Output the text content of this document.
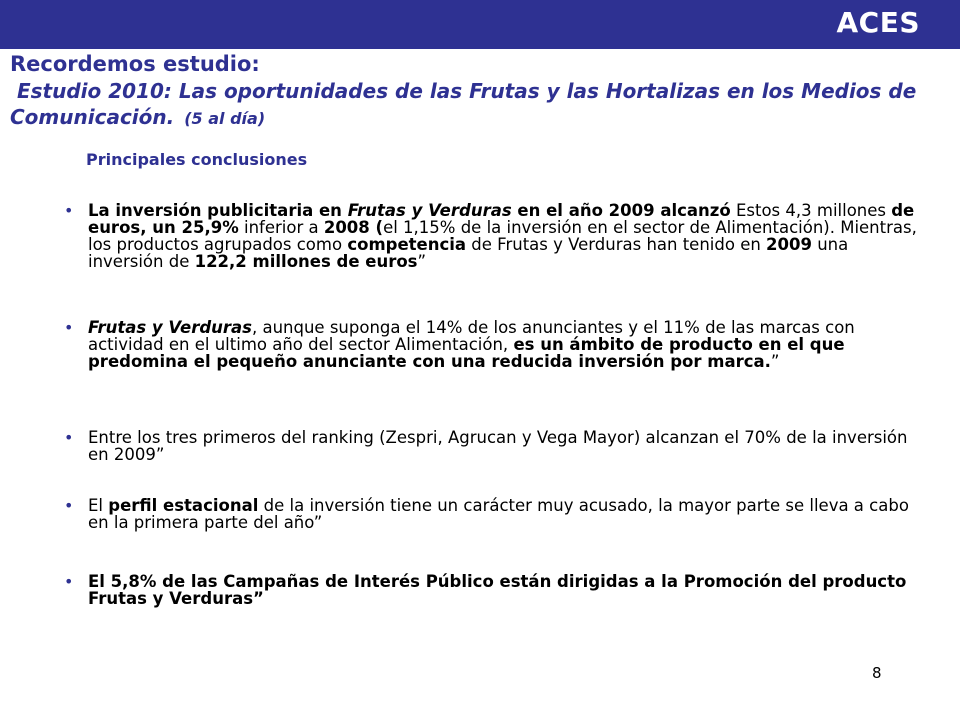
ACES
Recordemos estudio:
Estudio 2010: Las oportunidades de las Frutas y las Hortalizas en los Medios de Comunicación. (5 al día)
Principales conclusiones
• La inversión publicitaria en Frutas y Verduras en el año 2009 alcanzó Estos 4,3 millones de euros, un 25,9% inferior a 2008 (el 1,15% de la inversión en el sector de Alimentación). Mientras, los productos agrupados como competencia de Frutas y Verduras han tenido en 2009 una inversión de 122,2 millones de euros”
• Frutas y Verduras, aunque suponga el 14% de los anunciantes y el 11% de las marcas con actividad en el ultimo año del sector Alimentación, es un ámbito de producto en el que predomina el pequeño anunciante con una reducida inversión por marca.”
• Entre los tres primeros del ranking (Zespri, Agrucan y Vega Mayor) alcanzan el 70% de la inversión en 2009”
• El perfil estacional de la inversión tiene un carácter muy acusado, la mayor parte se lleva a cabo en la primera parte del año”
• El 5,8% de las Campañas de Interés Público están dirigidas a la Promoción del producto Frutas y Verduras”
8
